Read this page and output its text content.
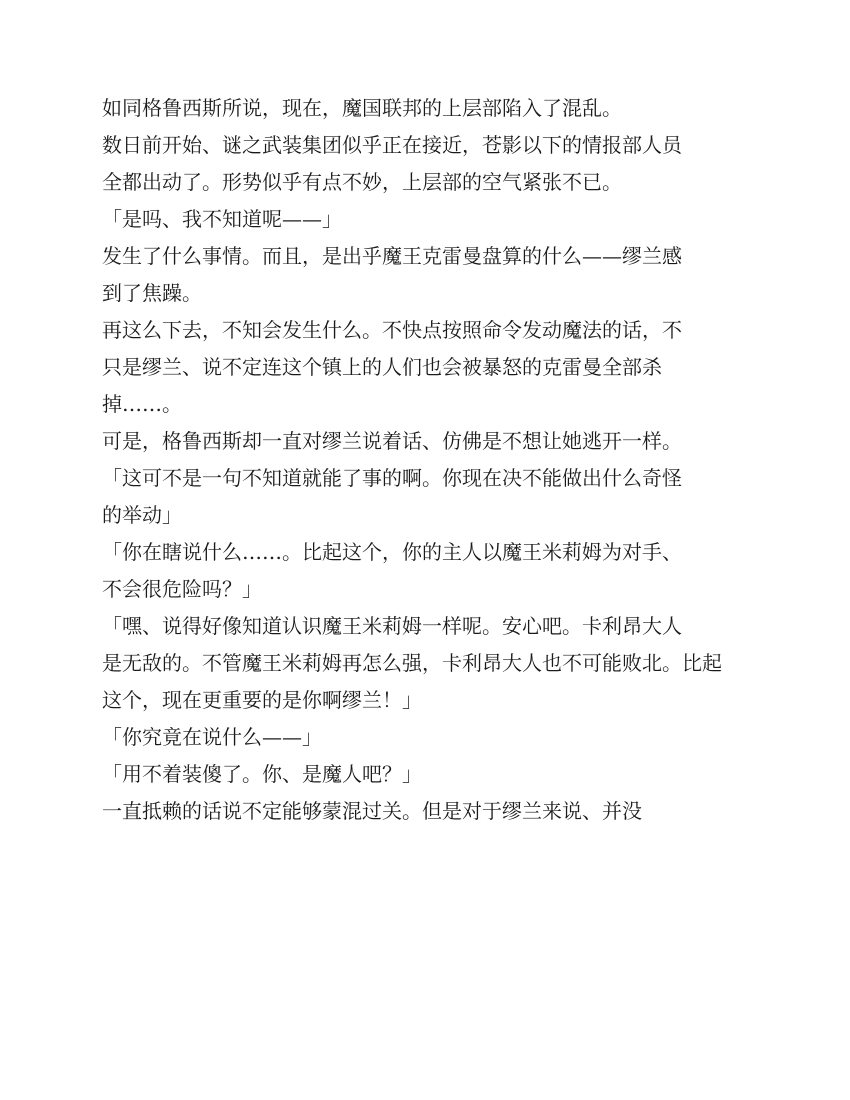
如同格鲁西斯所说，现在，魔国联邦的上层部陷入了混乱。
数日前开始、谜之武装集团似乎正在接近，苍影以下的情报部人员
全都出动了。形势似乎有点不妙，上层部的空气紧张不已。
「是吗、我不知道呢——」
发生了什么事情。而且，是出乎魔王克雷曼盘算的什么——缪兰感
到了焦躁。
再这么下去，不知会发生什么。不快点按照命令发动魔法的话，不
只是缪兰、说不定连这个镇上的人们也会被暴怒的克雷曼全部杀
掉……。
可是，格鲁西斯却一直对缪兰说着话、仿佛是不想让她逃开一样。
「这可不是一句不知道就能了事的啊。你现在决不能做出什么奇怪
的举动」
「你在瞎说什么……。比起这个，你的主人以魔王米莉姆为对手、
不会很危险吗？」
「嘿、说得好像知道认识魔王米莉姆一样呢。安心吧。卡利昂大人
是无敌的。不管魔王米莉姆再怎么强，卡利昂大人也不可能败北。比起
这个，现在更重要的是你啊缪兰！」
「你究竟在说什么——」
「用不着装傻了。你、是魔人吧？」
一直抵赖的话说不定能够蒙混过关。但是对于缪兰来说、并没
